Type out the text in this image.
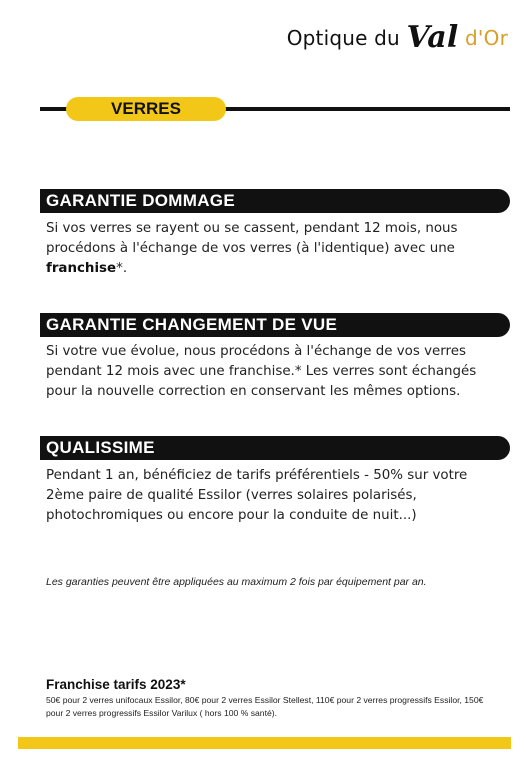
Optique du Val d'Or
VERRES
GARANTIE DOMMAGE
Si vos verres se rayent ou se cassent, pendant 12 mois, nous procédons à l'échange de vos verres (à l'identique) avec une franchise*.
GARANTIE CHANGEMENT DE VUE
Si votre vue évolue, nous procédons à l'échange de vos verres pendant 12 mois avec une franchise.* Les verres sont échangés pour la nouvelle correction en conservant les mêmes options.
QUALISSIME
Pendant 1 an, bénéficiez de tarifs préférentiels - 50% sur votre 2ème paire de qualité Essilor (verres solaires polarisés, photochromiques ou encore pour la conduite de nuit...)
Les garanties peuvent être appliquées au maximum 2 fois par équipement par an.
Franchise tarifs 2023*
50€ pour 2 verres unifocaux Essilor, 80€ pour 2 verres Essilor Stellest, 110€ pour 2 verres progressifs Essilor, 150€ pour 2 verres progressifs Essilor Varilux ( hors 100 % santé).
